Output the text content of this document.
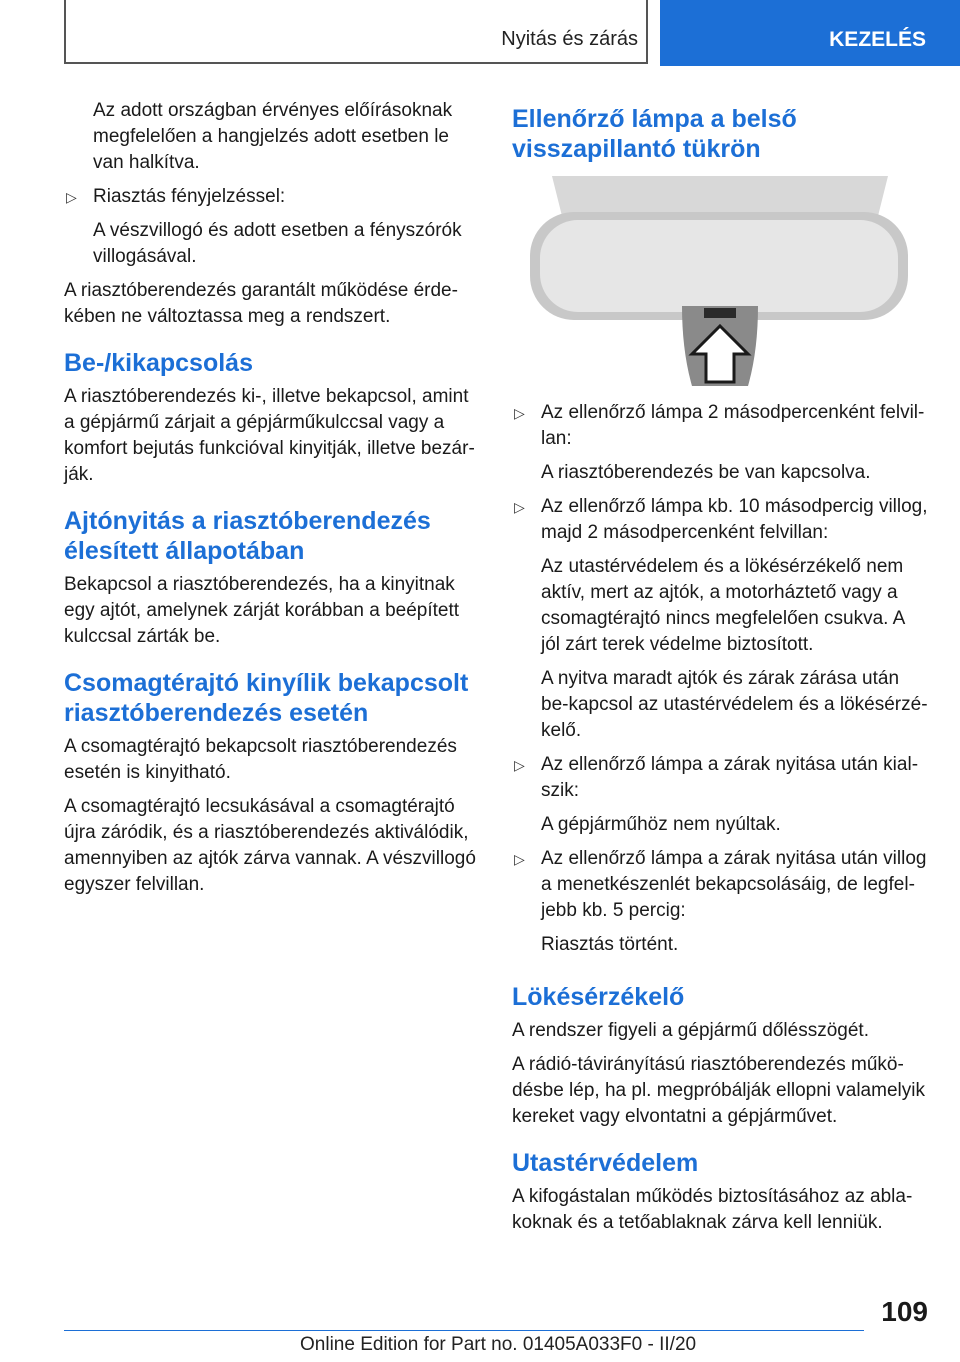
Nyitás és zárás	KEZELÉS

Az adott országban érvényes előírásoknak megfelelően a hangjelzés adott esetben le van halkítva.

▷ Riasztás fényjelzéssel:

A vészvillogó és adott esetben a fényszórók villogásával.

A riasztóberendezés garantált működése érde-kében ne változtassa meg a rendszert.

Be-/kikapcsolás

A riasztóberendezés ki-, illetve bekapcsol, amint a gépjármű zárjait a gépjárműkulccsal vagy a komfort bejutás funkcióval kinyitják, illetve bezár-ják.

Ajtónyitás a riasztóberendezés élesített állapotában

Bekapcsol a riasztóberendezés, ha a kinyitnak egy ajtót, amelynek zárját korábban a beépített kulccsal zárták be.

Csomagtérajtó kinyílik bekapcsolt riasztóberendezés esetén

A csomagtérajtó bekapcsolt riasztóberendezés esetén is kinyitható.

A csomagtérajtó lecsukásával a csomagtérajtó újra záródik, és a riasztóberendezés aktiválódik, amennyiben az ajtók zárva vannak. A vészvillogó egyszer felvillan.

Ellenőrző lámpa a belső visszapillantó tükrön

▷ Az ellenőrző lámpa 2 másodpercenként felvil-lan:

A riasztóberendezés be van kapcsolva.

▷ Az ellenőrző lámpa kb. 10 másodpercig villog, majd 2 másodpercenként felvillan:

Az utastérvédelem és a lökésérzékelő nem aktív, mert az ajtók, a motorháztető vagy a csomagtérajtó nincs megfelelően csukva. A jól zárt terek védelme biztosított.

A nyitva maradt ajtók és zárak zárása után be-kapcsol az utastérvédelem és a lökésérzé-kelő.

▷ Az ellenőrző lámpa a zárak nyitása után kial-szik:

A gépjárműhöz nem nyúltak.

▷ Az ellenőrző lámpa a zárak nyitása után villog a menetkészenlét bekapcsolásáig, de legfel-jebb kb. 5 percig:

Riasztás történt.

Lökésérzékelő

A rendszer figyeli a gépjármű dőlésszögét.

A rádió-távirányítású riasztóberendezés műkö-désbe lép, ha pl. megpróbálják ellopni valamelyik kereket vagy elvontatni a gépjárművet.

Utastérvédelem

A kifogástalan működés biztosításához az abla-koknak és a tetőablaknak zárva kell lenniük.

109
Online Edition for Part no. 01405A033F0 - II/20
